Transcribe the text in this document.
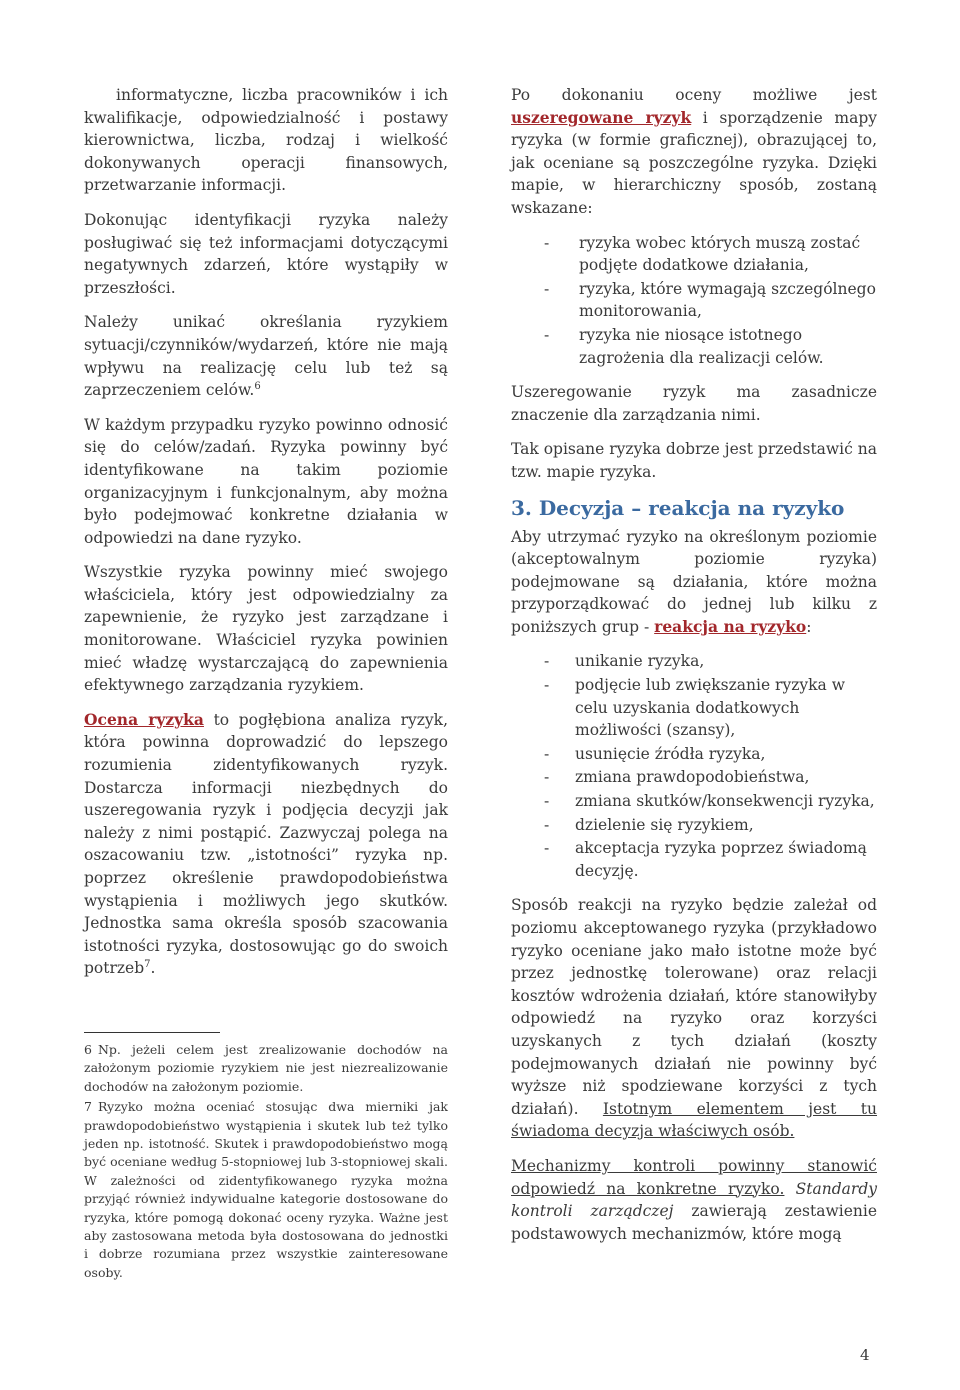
informatyczne, liczba pracowników i ich kwalifikacje, odpowiedzialność i postawy kierownictwa, liczba, rodzaj i wielkość dokonywanych operacji finansowych, przetwarzanie informacji.

Dokonując identyfikacji ryzyka należy posługiwać się też informacjami dotyczącymi negatywnych zdarzeń, które wystąpiły w przeszłości.

Należy unikać określania ryzykiem sytuacji/czynników/wydarzeń, które nie mają wpływu na realizację celu lub też są zaprzeczeniem celów.$^6$

W każdym przypadku ryzyko powinno odnosić się do celów/zadań. Ryzyka powinny być identyfikowane na takim poziomie organizacyjnym i funkcjonalnym, aby można było podejmować konkretne działania w odpowiedzi na dane ryzyko.

Wszystkie ryzyka powinny mieć swojego właściciela, który jest odpowiedzialny za zapewnienie, że ryzyko jest zarządzane i monitorowane. Właściciel ryzyka powinien mieć władzę wystarczającą do zapewnienia efektywnego zarządzania ryzykiem.

Ocena ryzyka to pogłębiona analiza ryzyk, która powinna doprowadzić do lepszego rozumienia zidentyfikowanych ryzyk. Dostarcza informacji niezbędnych do uszeregowania ryzyk i podjęcia decyzji jak należy z nimi postąpić. Zazwyczaj polega na oszacowaniu tzw. „istotności” ryzyka np. poprzez określenie prawdopodobieństwa wystąpienia i możliwych jego skutków. Jednostka sama określa sposób szacowania istotności ryzyka, dostosowując go do swoich potrzeb$^7$.

6 Np. jeżeli celem jest zrealizowanie dochodów na założonym poziomie ryzykiem nie jest niezrealizowanie dochodów na założonym poziomie.

7 Ryzyko można oceniać stosując dwa mierniki jak prawdopodobieństwo wystąpienia i skutek lub też tylko jeden np. istotność. Skutek i prawdopodobieństwo mogą być oceniane według 5-stopniowej lub 3-stopniowej skali. W zależności od zidentyfikowanego ryzyka można przyjąć również indywidualne kategorie dostosowane do ryzyka, które pomogą dokonać oceny ryzyka. Ważne jest aby zastosowana metoda była dostosowana do jednostki i dobrze rozumiana przez wszystkie zainteresowane osoby.

Po dokonaniu oceny możliwe jest uszeregowane ryzyk i sporządzenie mapy ryzyka (w formie graficznej), obrazującej to, jak oceniane są poszczególne ryzyka. Dzięki mapie, w hierarchiczny sposób, zostaną wskazane:

- ryzyka wobec których muszą zostać podjęte dodatkowe działania,
- ryzyka, które wymagają szczególnego monitorowania,
- ryzyka nie niosące istotnego zagrożenia dla realizacji celów.

Uszeregowanie ryzyk ma zasadnicze znaczenie dla zarządzania nimi.

Tak opisane ryzyka dobrze jest przedstawić na tzw. mapie ryzyka.

3. Decyzja – reakcja na ryzyko

Aby utrzymać ryzyko na określonym poziomie (akceptowalnym poziomie ryzyka) podejmowane są działania, które można przyporządkować do jednej lub kilku z poniższych grup - reakcja na ryzyko:

- unikanie ryzyka,
- podjęcie lub zwiększanie ryzyka w celu uzyskania dodatkowych możliwości (szansy),
- usunięcie źródła ryzyka,
- zmiana prawdopodobieństwa,
- zmiana skutków/konsekwencji ryzyka,
- dzielenie się ryzykiem,
- akceptacja ryzyka poprzez świadomą decyzję.

Sposób reakcji na ryzyko będzie zależał od poziomu akceptowanego ryzyka (przykładowo ryzyko oceniane jako mało istotne może być przez jednostkę tolerowane) oraz relacji kosztów wdrożenia działań, które stanowiłyby odpowiedź na ryzyko oraz korzyści uzyskanych z tych działań (koszty podejmowanych działań nie powinny być wyższe niż spodziewane korzyści z tych działań). Istotnym elementem jest tu świadoma decyzja właściwych osób.

Mechanizmy kontroli powinny stanowić odpowiedź na konkretne ryzyko. Standardy kontroli zarządczej zawierają zestawienie podstawowych mechanizmów, które mogą

4
